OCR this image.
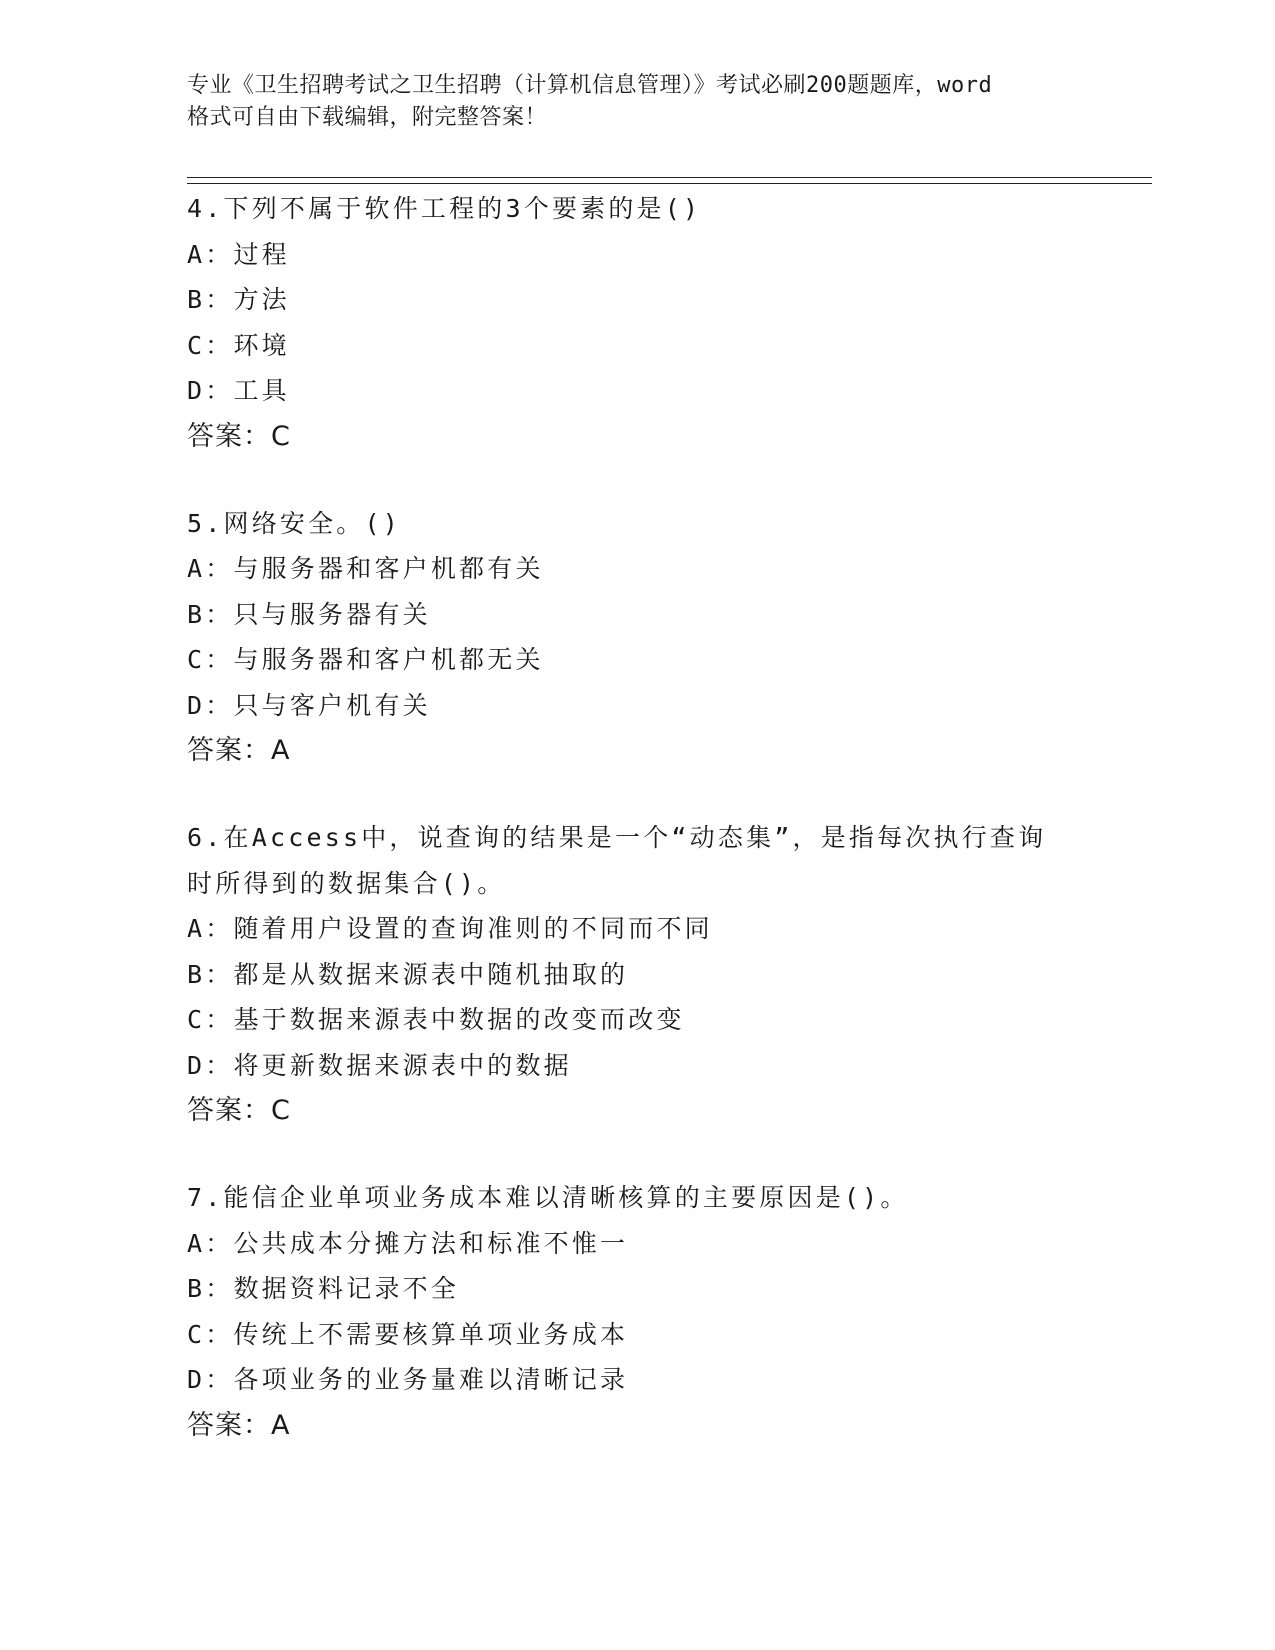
专业《卫生招聘考试之卫生招聘（计算机信息管理）》考试必刷200题题库，word
格式可自由下载编辑，附完整答案！
4.下列不属于软件工程的3个要素的是()
A：过程
B：方法
C：环境
D：工具
答案：C
5.网络安全。()
A：与服务器和客户机都有关
B：只与服务器有关
C：与服务器和客户机都无关
D：只与客户机有关
答案：A
6.在Access中，说查询的结果是一个“动态集”，是指每次执行查询
时所得到的数据集合()。
A：随着用户设置的查询准则的不同而不同
B：都是从数据来源表中随机抽取的
C：基于数据来源表中数据的改变而改变
D：将更新数据来源表中的数据
答案：C
7.能信企业单项业务成本难以清晰核算的主要原因是()。
A：公共成本分摊方法和标准不惟一
B：数据资料记录不全
C：传统上不需要核算单项业务成本
D：各项业务的业务量难以清晰记录
答案：A
